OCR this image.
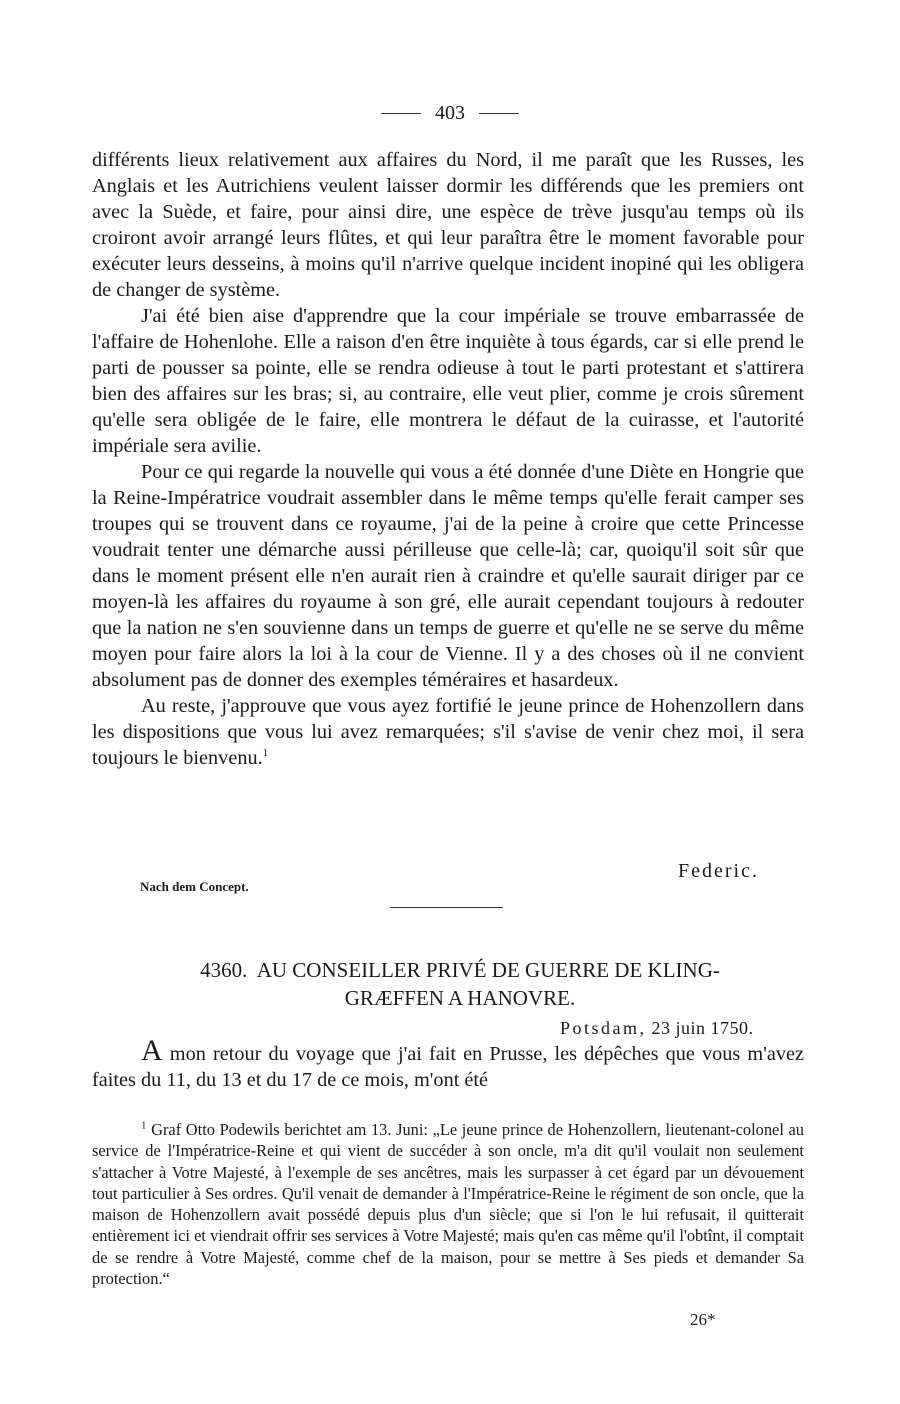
403

différents lieux relativement aux affaires du Nord, il me paraît que les Russes, les Anglais et les Autrichiens veulent laisser dormir les différends que les premiers ont avec la Suède, et faire, pour ainsi dire, une espèce de trève jusqu'au temps où ils croiront avoir arrangé leurs flûtes, et qui leur paraîtra être le moment favorable pour exécuter leurs desseins, à moins qu'il n'arrive quelque incident inopiné qui les obligera de changer de système.

J'ai été bien aise d'apprendre que la cour impériale se trouve embarrassée de l'affaire de Hohenlohe. Elle a raison d'en être inquiète à tous égards, car si elle prend le parti de pousser sa pointe, elle se rendra odieuse à tout le parti protestant et s'attirera bien des affaires sur les bras; si, au contraire, elle veut plier, comme je crois sûrement qu'elle sera obligée de le faire, elle montrera le défaut de la cuirasse, et l'autorité impériale sera avilie.

Pour ce qui regarde la nouvelle qui vous a été donnée d'une Diète en Hongrie que la Reine-Impératrice voudrait assembler dans le même temps qu'elle ferait camper ses troupes qui se trouvent dans ce royaume, j'ai de la peine à croire que cette Princesse voudrait tenter une démarche aussi périlleuse que celle-là; car, quoiqu'il soit sûr que dans le moment présent elle n'en aurait rien à craindre et qu'elle saurait diriger par ce moyen-là les affaires du royaume à son gré, elle aurait cependant toujours à redouter que la nation ne s'en souvienne dans un temps de guerre et qu'elle ne se serve du même moyen pour faire alors la loi à la cour de Vienne. Il y a des choses où il ne convient absolument pas de donner des exemples téméraires et hasardeux.

Au reste, j'approuve que vous ayez fortifié le jeune prince de Hohenzollern dans les dispositions que vous lui avez remarquées; s'il s'avise de venir chez moi, il sera toujours le bienvenu.$^1$

Federic.
Nach dem Concept.
4360. AU CONSEILLER PRIVÉ DE GUERRE DE KLING-
GRÆFFEN A HANOVRE.
Potsdam, 23 juin 1750.

A mon retour du voyage que j'ai fait en Prusse, les dépêches que vous m'avez faites du 11, du 13 et du 17 de ce mois, m'ont été

$^1$ Graf Otto Podewils berichtet am 13. Juni: „Le jeune prince de Hohenzollern, lieutenant-colonel au service de l'Impératrice-Reine et qui vient de succéder à son oncle, m'a dit qu'il voulait non seulement s'attacher à Votre Majesté, à l'exemple de ses ancêtres, mais les surpasser à cet égard par un dévouement tout particulier à Ses ordres. Qu'il venait de demander à l'Impératrice-Reine le régiment de son oncle, que la maison de Hohenzollern avait possédé depuis plus d'un siècle; que si l'on le lui refusait, il quitterait entièrement ici et viendrait offrir ses services à Votre Majesté; mais qu'en cas même qu'il l'obtînt, il comptait de se rendre à Votre Majesté, comme chef de la maison, pour se mettre à Ses pieds et demander Sa protection.“

26*
